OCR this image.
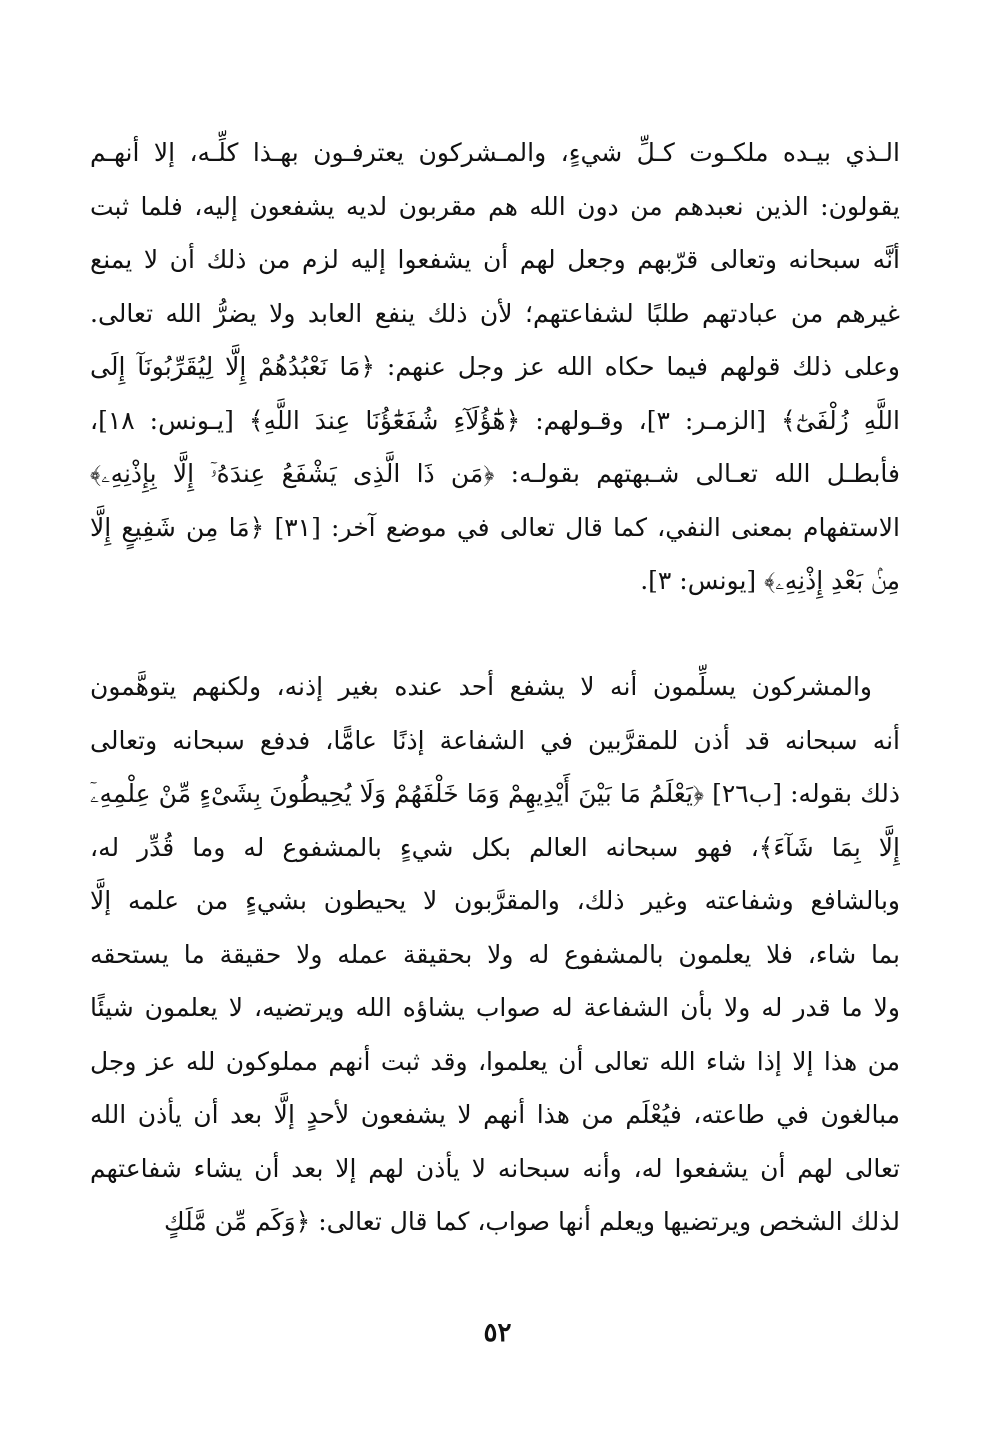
الـذي بيـده ملكـوت كـلِّ شيءٍ، والمـشركون يعترفـون بهـذا كلِّـه، إلا أنهـم
يقولون: الذين نعبدهم من دون الله هم مقربون لديه يشفعون إليه، فلما ثبت
أنَّه سبحانه وتعالى قرّبهم وجعل لهم أن يشفعوا إليه لزم من ذلك أن لا يمنع
غيرهم من عبادتهم طلبًا لشفاعتهم؛ لأن ذلك ينفع العابد ولا يضرُّ الله تعالى.
وعلى ذلك قولهم فيما حكاه الله عز وجل عنهم: ﴿مَا نَعْبُدُهُمْ إِلَّا لِيُقَرِّبُونَآ إِلَى
اللَّهِ زُلْفَىٰٓ﴾ [الزمـر: ٣]، وقـولهم: ﴿هَٰٓؤُلَآءِ شُفَعَٰٓؤُنَا عِندَ اللَّهِ﴾ [يـونس: ١٨]،
فأبطـل الله تعـالى شـبهتهم بقولـه: ﴿مَن ذَا الَّذِى يَشْفَعُ عِندَهُۥٓ إِلَّا بِإِذْنِهِۦ﴾
الاستفهام بمعنى النفي، كما قال تعالى في موضع آخر: [٣١] ﴿مَا مِن شَفِيعٍ إِلَّا
مِنۢ بَعْدِ إِذْنِهِۦ﴾ [يونس: ٣].
والمشركون يسلِّمون أنه لا يشفع أحد عنده بغير إذنه، ولكنهم يتوهَّمون
أنه سبحانه قد أذن للمقرَّبين في الشفاعة إذنًا عامًّا، فدفع سبحانه وتعالى
ذلك بقوله: [ب٢٦] ﴿يَعْلَمُ مَا بَيْنَ أَيْدِيهِمْ وَمَا خَلْفَهُمْ وَلَا يُحِيطُونَ بِشَىْءٍ مِّنْ عِلْمِهِۦٓ
إِلَّا بِمَا شَآءَ﴾، فهو سبحانه العالم بكل شيءٍ بالمشفوع له وما قُدِّر له،
وبالشافع وشفاعته وغير ذلك، والمقرَّبون لا يحيطون بشيءٍ من علمه إلَّا
بما شاء، فلا يعلمون بالمشفوع له ولا بحقيقة عمله ولا حقيقة ما يستحقه
ولا ما قدر له ولا بأن الشفاعة له صواب يشاؤه الله ويرتضيه، لا يعلمون شيئًا
من هذا إلا إذا شاء الله تعالى أن يعلموا، وقد ثبت أنهم مملوكون لله عز وجل
مبالغون في طاعته، فيُعْلَم من هذا أنهم لا يشفعون لأحدٍ إلَّا بعد أن يأذن الله
تعالى لهم أن يشفعوا له، وأنه سبحانه لا يأذن لهم إلا بعد أن يشاء شفاعتهم
لذلك الشخص ويرتضيها ويعلم أنها صواب، كما قال تعالى: ﴿وَكَم مِّن مَّلَكٍ
٥٢
